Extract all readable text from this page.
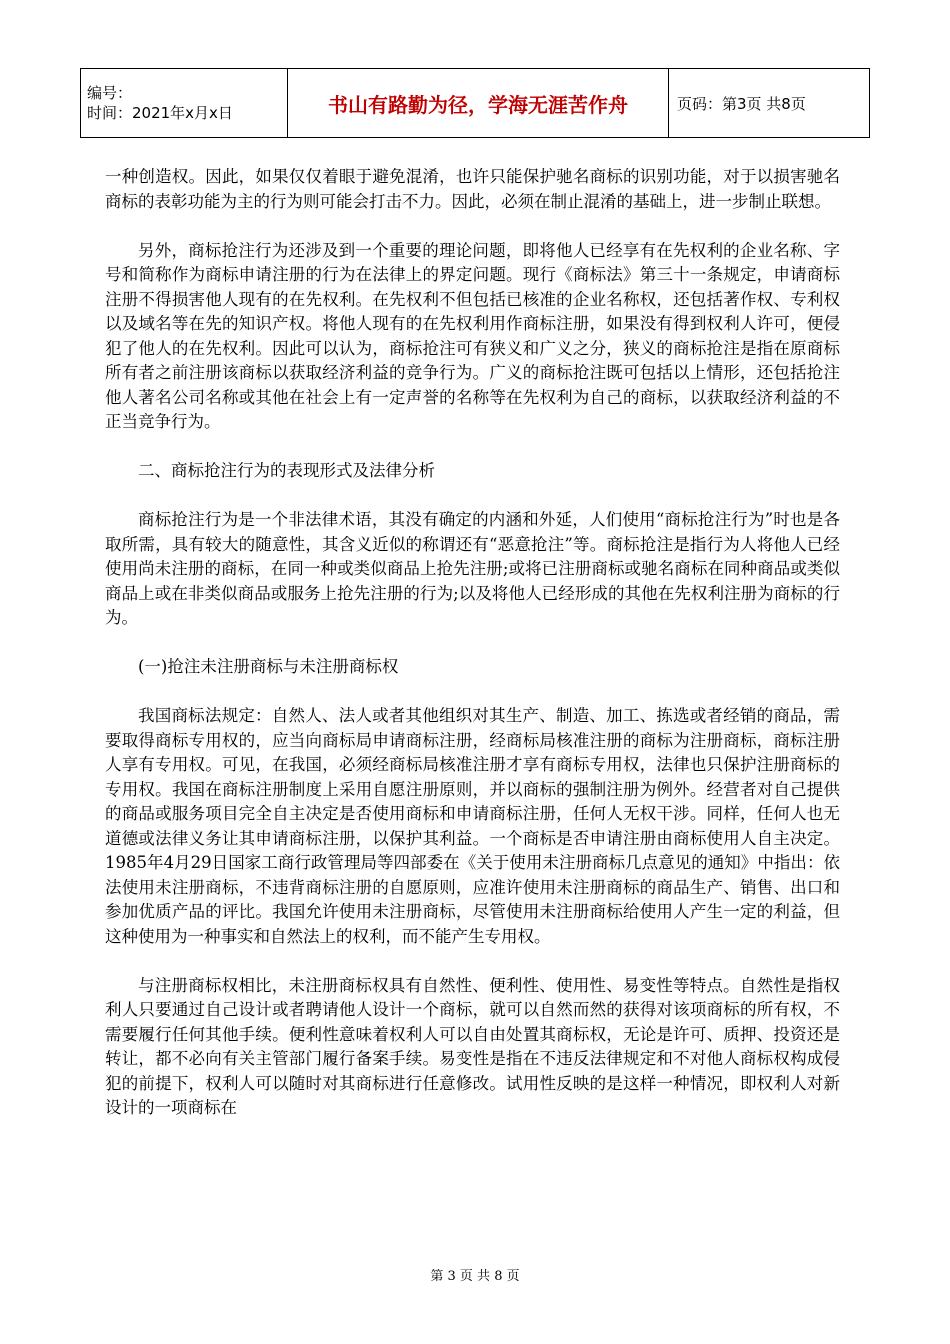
编号：
时间：2021年x月x日	书山有路勤为径，学海无涯苦作舟	页码：第3页 共8页

一种创造权。因此，如果仅仅着眼于避免混淆，也许只能保护驰名商标的识别功能，对于以损害驰名商标的表彰功能为主的行为则可能会打击不力。因此，必须在制止混淆的基础上，进一步制止联想。

另外，商标抢注行为还涉及到一个重要的理论问题，即将他人已经享有在先权利的企业名称、字号和简称作为商标申请注册的行为在法律上的界定问题。现行《商标法》第三十一条规定，申请商标注册不得损害他人现有的在先权利。在先权利不但包括已核准的企业名称权，还包括著作权、专利权以及域名等在先的知识产权。将他人现有的在先权利用作商标注册，如果没有得到权利人许可，便侵犯了他人的在先权利。因此可以认为，商标抢注可有狭义和广义之分，狭义的商标抢注是指在原商标所有者之前注册该商标以获取经济利益的竞争行为。广义的商标抢注既可包括以上情形，还包括抢注他人著名公司名称或其他在社会上有一定声誉的名称等在先权利为自己的商标，以获取经济利益的不正当竞争行为。

二、商标抢注行为的表现形式及法律分析

商标抢注行为是一个非法律术语，其没有确定的内涵和外延，人们使用“商标抢注行为”时也是各取所需，具有较大的随意性，其含义近似的称谓还有“恶意抢注”等。商标抢注是指行为人将他人已经使用尚未注册的商标，在同一种或类似商品上抢先注册;或将已注册商标或驰名商标在同种商品或类似商品上或在非类似商品或服务上抢先注册的行为;以及将他人已经形成的其他在先权利注册为商标的行为。

(一)抢注未注册商标与未注册商标权

我国商标法规定：自然人、法人或者其他组织对其生产、制造、加工、拣选或者经销的商品，需要取得商标专用权的，应当向商标局申请商标注册，经商标局核准注册的商标为注册商标，商标注册人享有专用权。可见，在我国，必须经商标局核准注册才享有商标专用权，法律也只保护注册商标的专用权。我国在商标注册制度上采用自愿注册原则，并以商标的强制注册为例外。经营者对自己提供的商品或服务项目完全自主决定是否使用商标和申请商标注册，任何人无权干涉。同样，任何人也无道德或法律义务让其申请商标注册，以保护其利益。一个商标是否申请注册由商标使用人自主决定。1985年4月29日国家工商行政管理局等四部委在《关于使用未注册商标几点意见的通知》中指出：依法使用未注册商标，不违背商标注册的自愿原则，应准许使用未注册商标的商品生产、销售、出口和参加优质产品的评比。我国允许使用未注册商标，尽管使用未注册商标给使用人产生一定的利益，但这种使用为一种事实和自然法上的权利，而不能产生专用权。

与注册商标权相比，未注册商标权具有自然性、便利性、使用性、易变性等特点。自然性是指权利人只要通过自己设计或者聘请他人设计一个商标，就可以自然而然的获得对该项商标的所有权，不需要履行任何其他手续。便利性意味着权利人可以自由处置其商标权，无论是许可、质押、投资还是转让，都不必向有关主管部门履行备案手续。易变性是指在不违反法律规定和不对他人商标权构成侵犯的前提下，权利人可以随时对其商标进行任意修改。试用性反映的是这样一种情况，即权利人对新设计的一项商标在

第 3 页 共 8 页
